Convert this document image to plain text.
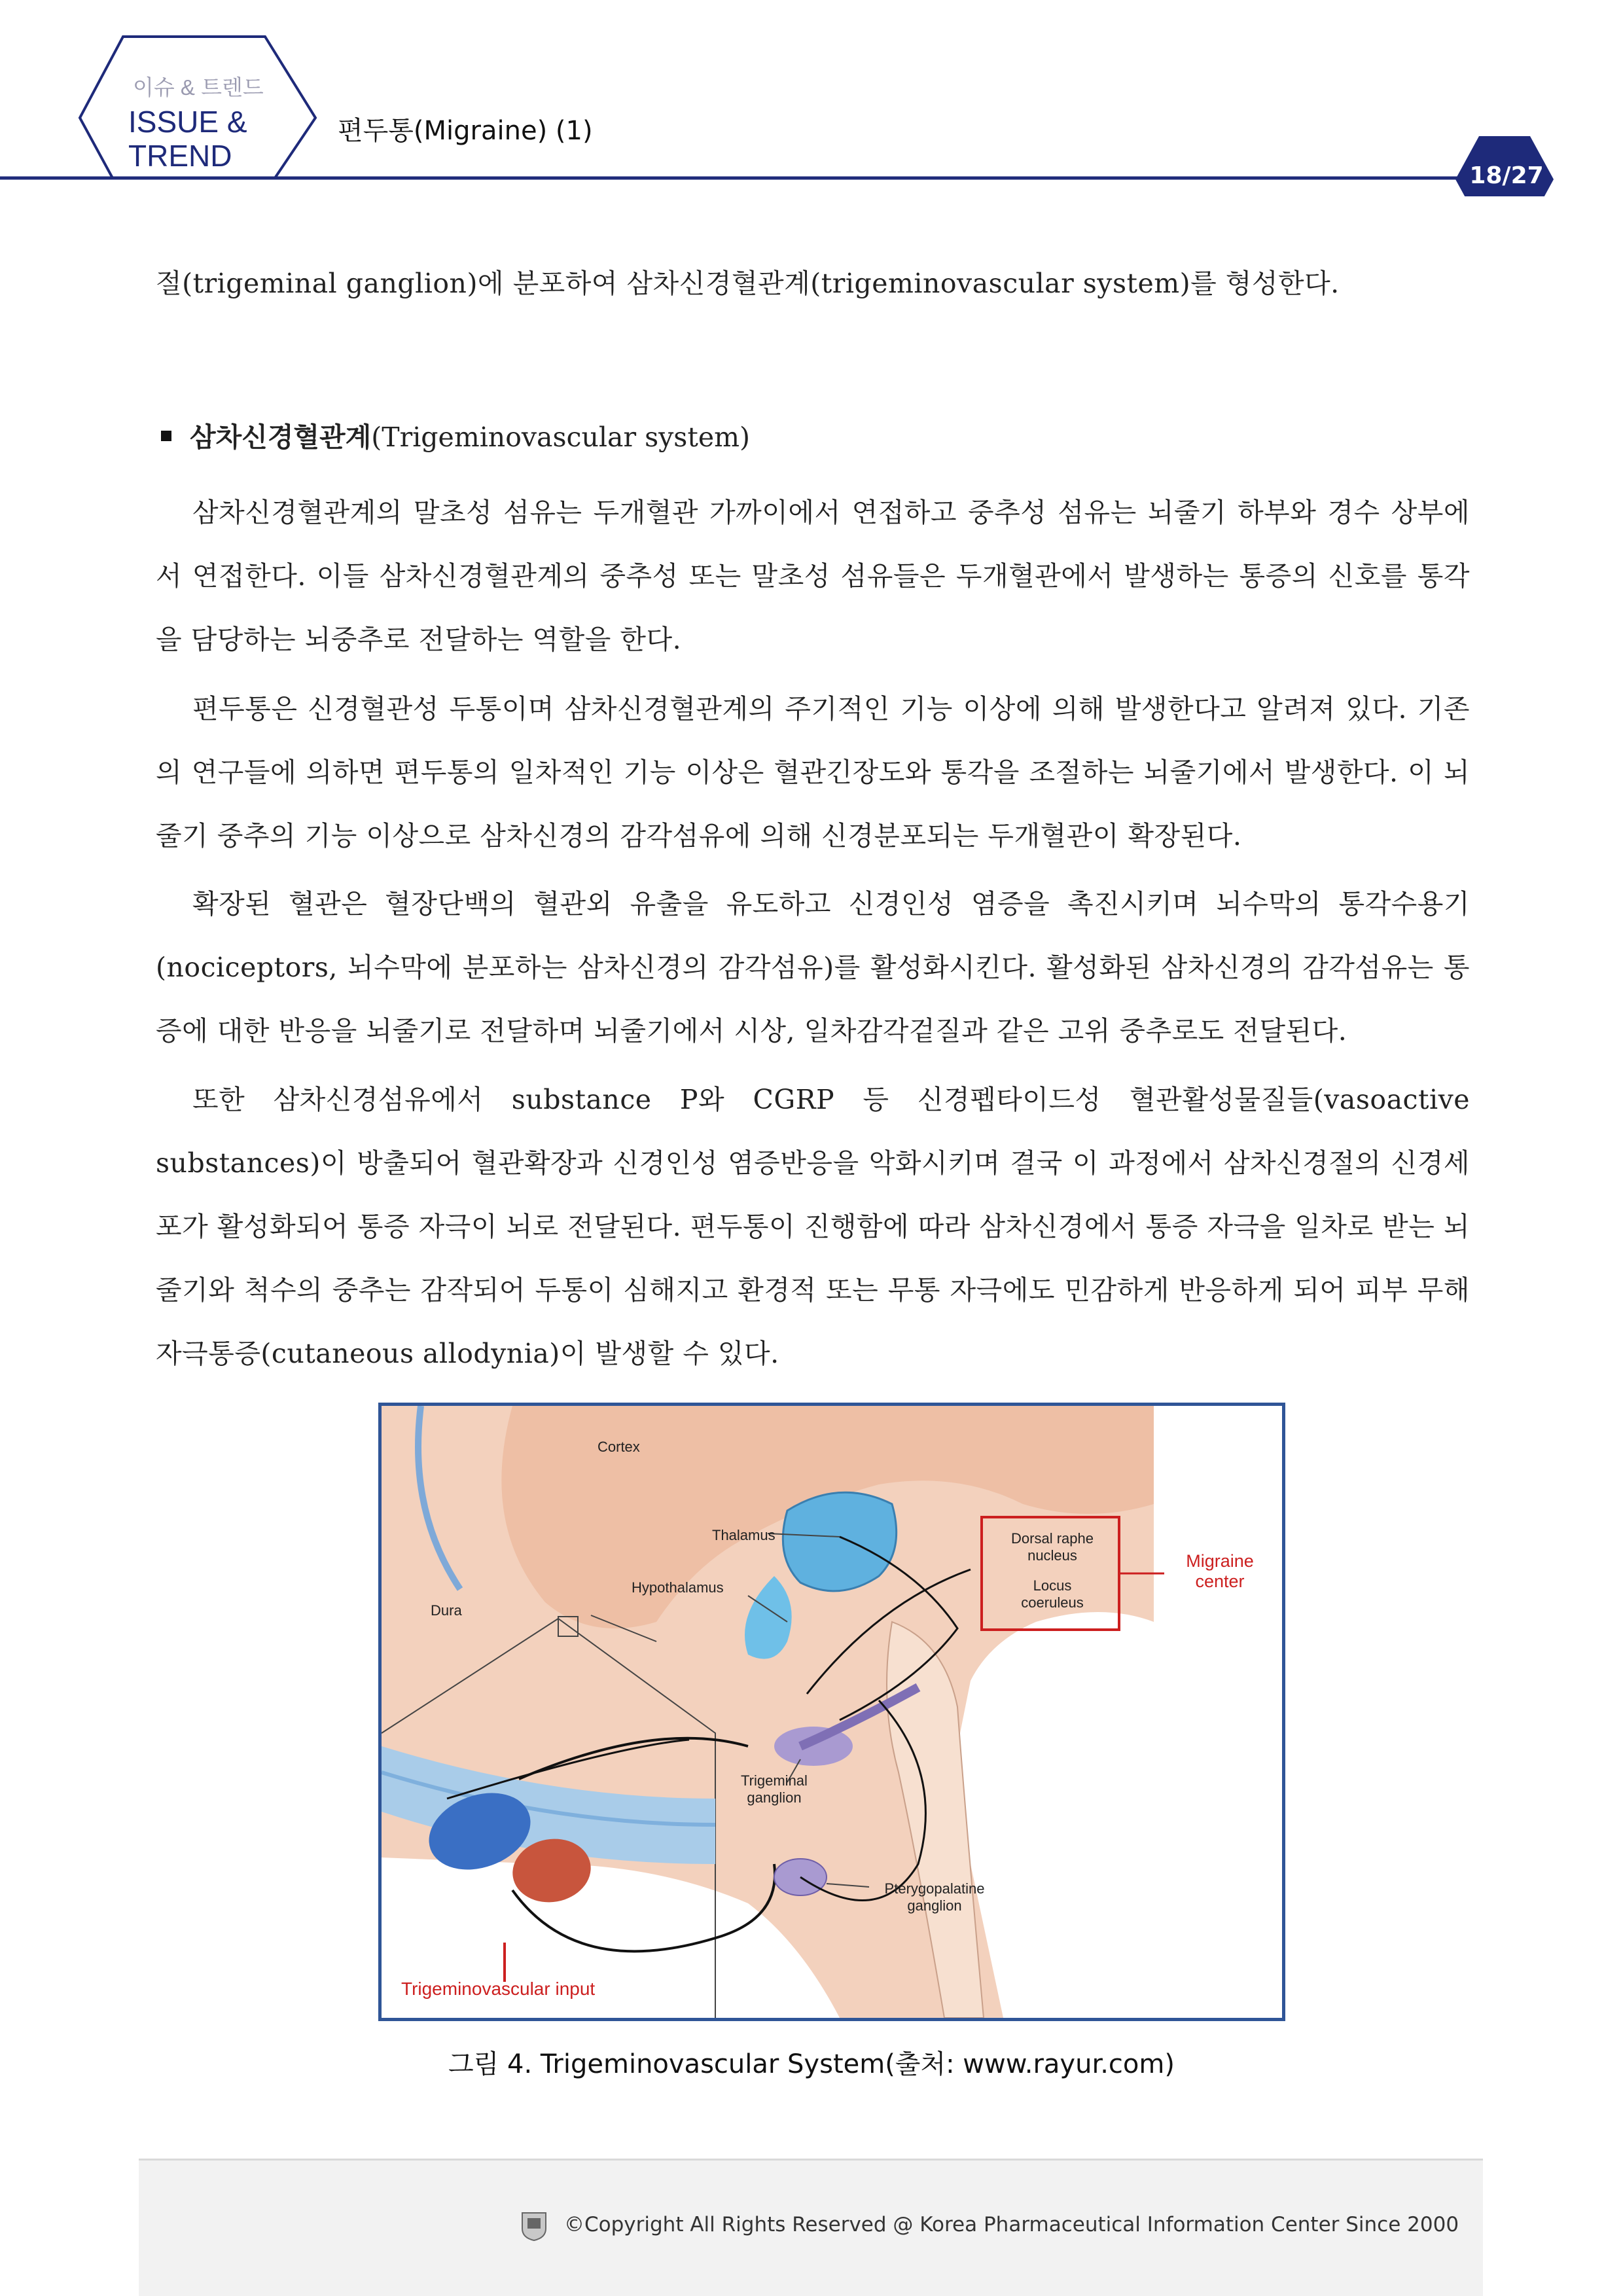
이슈 & 트렌드
ISSUE &
TREND
편두통(Migraine) (1)
18/27
절(trigeminal ganglion)에 분포하여 삼차신경혈관계(trigeminovascular system)를 형성한다.
삼차신경혈관계(Trigeminovascular system)
삼차신경혈관계의 말초성 섬유는 두개혈관 가까이에서 연접하고 중추성 섬유는 뇌줄기 하부와 경수 상부에서 연접한다. 이들 삼차신경혈관계의 중추성 또는 말초성 섬유들은 두개혈관에서 발생하는 통증의 신호를 통각을 담당하는 뇌중추로 전달하는 역할을 한다.
편두통은 신경혈관성 두통이며 삼차신경혈관계의 주기적인 기능 이상에 의해 발생한다고 알려져 있다. 기존의 연구들에 의하면 편두통의 일차적인 기능 이상은 혈관긴장도와 통각을 조절하는 뇌줄기에서 발생한다. 이 뇌줄기 중추의 기능 이상으로 삼차신경의 감각섬유에 의해 신경분포되는 두개혈관이 확장된다.
확장된 혈관은 혈장단백의 혈관외 유출을 유도하고 신경인성 염증을 촉진시키며 뇌수막의 통각수용기(nociceptors, 뇌수막에 분포하는 삼차신경의 감각섬유)를 활성화시킨다. 활성화된 삼차신경의 감각섬유는 통증에 대한 반응을 뇌줄기로 전달하며 뇌줄기에서 시상, 일차감각겉질과 같은 고위 중추로도 전달된다.
또한 삼차신경섬유에서 substance P와 CGRP 등 신경펩타이드성 혈관활성물질들(vasoactive substances)이 방출되어 혈관확장과 신경인성 염증반응을 악화시키며 결국 이 과정에서 삼차신경절의 신경세포가 활성화되어 통증 자극이 뇌로 전달된다. 편두통이 진행함에 따라 삼차신경에서 통증 자극을 일차로 받는 뇌줄기와 척수의 중추는 감작되어 두통이 심해지고 환경적 또는 무통 자극에도 민감하게 반응하게 되어 피부 무해자극통증(cutaneous allodynia)이 발생할 수 있다.
Cortex
Thalamus
Hypothalamus
Dorsal raphe
nucleus
Locus
coeruleus
Migraine
center
Dura
Trigeminal
ganglion
Pterygopalatine
ganglion
Trigeminovascular input
그림 4. Trigeminovascular System(출처: www.rayur.com)
©Copyright All Rights Reserved @ Korea Pharmaceutical Information Center Since 2000
